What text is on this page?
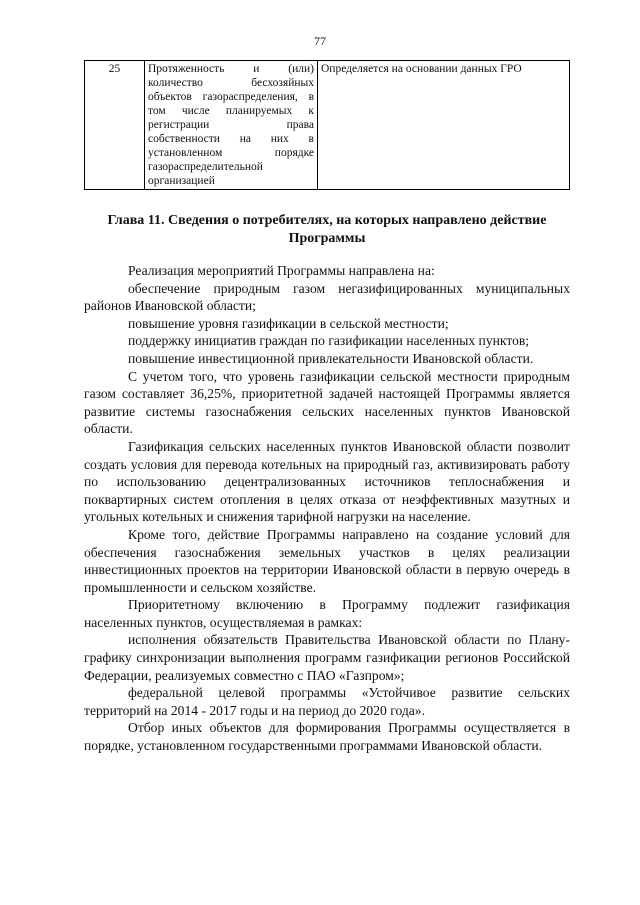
77
25	Протяженность и (или) количество бесхозяйных объектов газораспределения, в том числе планируемых к регистрации права собственности на них в установленном порядке газораспределительной организацией	Определяется на основании данных ГРО
Глава 11. Сведения о потребителях, на которых направлено действие Программы

Реализация мероприятий Программы направлена на:

обеспечение природным газом негазифицированных муниципальных районов Ивановской области;

повышение уровня газификации в сельской местности;

поддержку инициатив граждан по газификации населенных пунктов;

повышение инвестиционной привлекательности Ивановской области.

С учетом того, что уровень газификации сельской местности природным газом составляет 36,25%, приоритетной задачей настоящей Программы является развитие системы газоснабжения сельских населенных пунктов Ивановской области.

Газификация сельских населенных пунктов Ивановской области позволит создать условия для перевода котельных на природный газ, активизировать работу по использованию децентрализованных источников теплоснабжения и поквартирных систем отопления в целях отказа от неэффективных мазутных и угольных котельных и снижения тарифной нагрузки на население.

Кроме того, действие Программы направлено на создание условий для обеспечения газоснабжения земельных участков в целях реализации инвестиционных проектов на территории Ивановской области в первую очередь в промышленности и сельском хозяйстве.

Приоритетному включению в Программу подлежит газификация населенных пунктов, осуществляемая в рамках:

исполнения обязательств Правительства Ивановской области по Плану-графику синхронизации выполнения программ газификации регионов Российской Федерации, реализуемых совместно с ПАО «Газпром»;

федеральной целевой программы «Устойчивое развитие сельских территорий на 2014 - 2017 годы и на период до 2020 года».

Отбор иных объектов для формирования Программы осуществляется в порядке, установленном государственными программами Ивановской области.
